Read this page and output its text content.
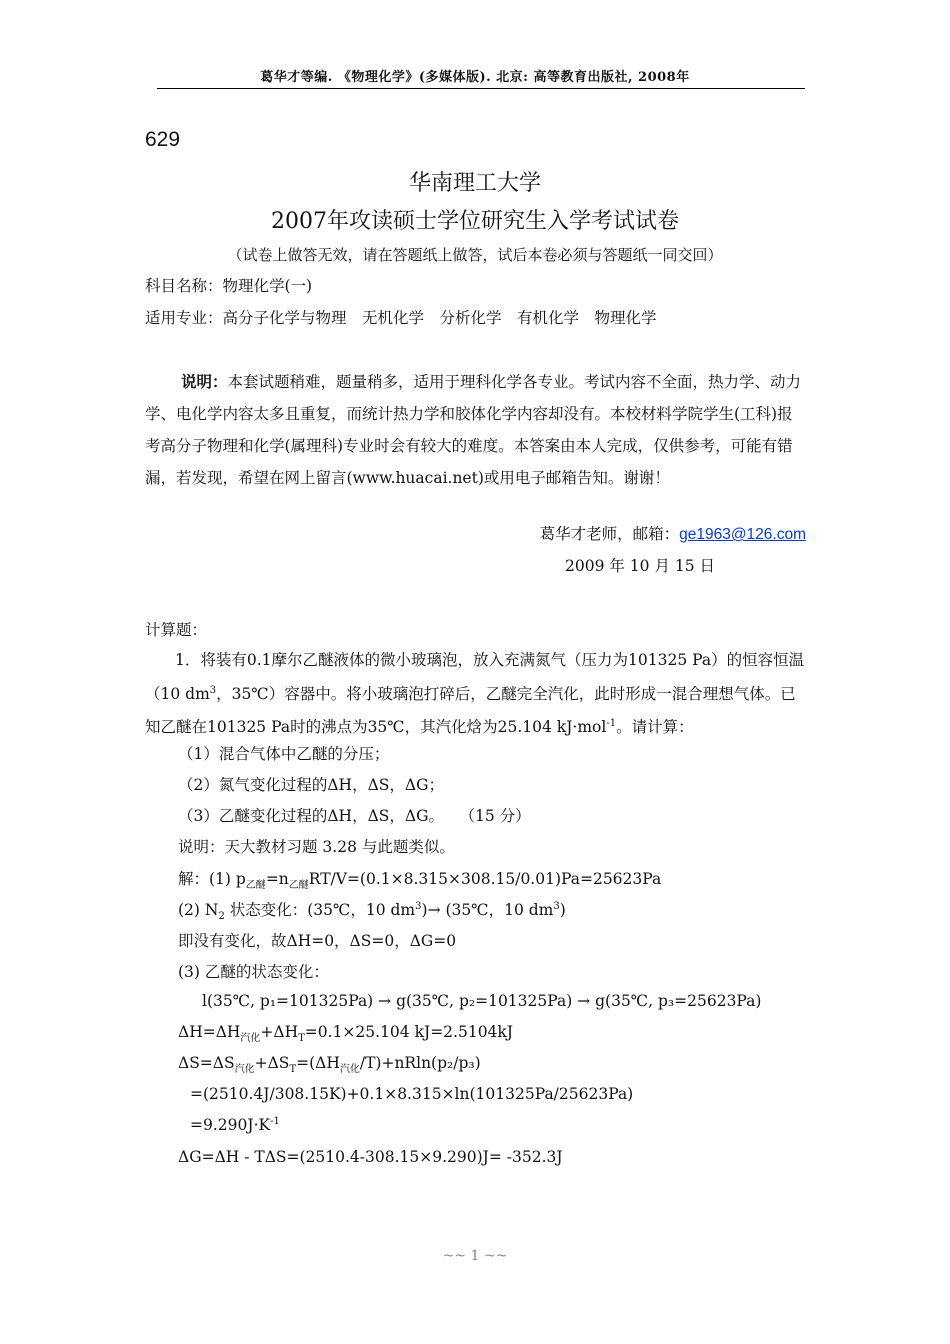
葛华才等编. 《物理化学》(多媒体版). 北京: 高等教育出版社, 2008年
629
华南理工大学
2007年攻读硕士学位研究生入学考试试卷
（试卷上做答无效，请在答题纸上做答，试后本卷必须与答题纸一同交回）
科目名称：物理化学(一)
适用专业：高分子化学与物理　无机化学　分析化学　有机化学　物理化学
说明：本套试题稍难，题量稍多，适用于理科化学各专业。考试内容不全面，热力学、动力学、电化学内容太多且重复，而统计热力学和胶体化学内容却没有。本校材料学院学生(工科)报考高分子物理和化学(属理科)专业时会有较大的难度。本答案由本人完成，仅供参考，可能有错漏，若发现，希望在网上留言(www.huacai.net)或用电子邮箱告知。谢谢！
葛华才老师，邮箱：ge1963@126.com
2009 年 10 月 15 日
计算题：
1．将装有0.1摩尔乙醚液体的微小玻璃泡，放入充满氮气（压力为101325 Pa）的恒容恒温（10 $dm^3$，35℃）容器中。将小玻璃泡打碎后，乙醚完全汽化，此时形成一混合理想气体。已知乙醚在101325 Pa时的沸点为35℃，其汽化焓为25.104 kJ·mol$^{-1}$。请计算：
（1）混合气体中乙醚的分压；
（2）氮气变化过程的ΔH，ΔS，ΔG；
（3）乙醚变化过程的ΔH，ΔS，ΔG。　　（15 分）
说明：天大教材习题 3.28 与此题类似。
解：(1) $p_{乙醚}=n_{乙醚}RT/V=(0.1\times 8.315\times 308.15/0.01)Pa=25623Pa$
(2) $N_2$ 状态变化：(35℃，10 $dm^3)\to$ (35℃，10 $dm^3$)
即没有变化，故ΔH=0，ΔS=0，ΔG=0
(3) 乙醚的状态变化：
l(35℃, p₁=101325Pa) → g(35℃, p₂=101325Pa) → g(35℃, p₃=25623Pa)
$\Delta H=\Delta H_{汽化}+\Delta H_T=0.1\times 25.104$ kJ=2.5104kJ
$\Delta S=\Delta S_{汽化}+\Delta S_T=(\Delta H_{汽化}/T)+nRln(p_2/p_3)$
=(2510.4J/308.15K)+0.1×8.315×ln(101325Pa/25623Pa)
$=9.290J\cdot K^{-1}$
ΔG=ΔH - TΔS=(2510.4-308.15×9.290)J= -352.3J
~~ 1 ~~
